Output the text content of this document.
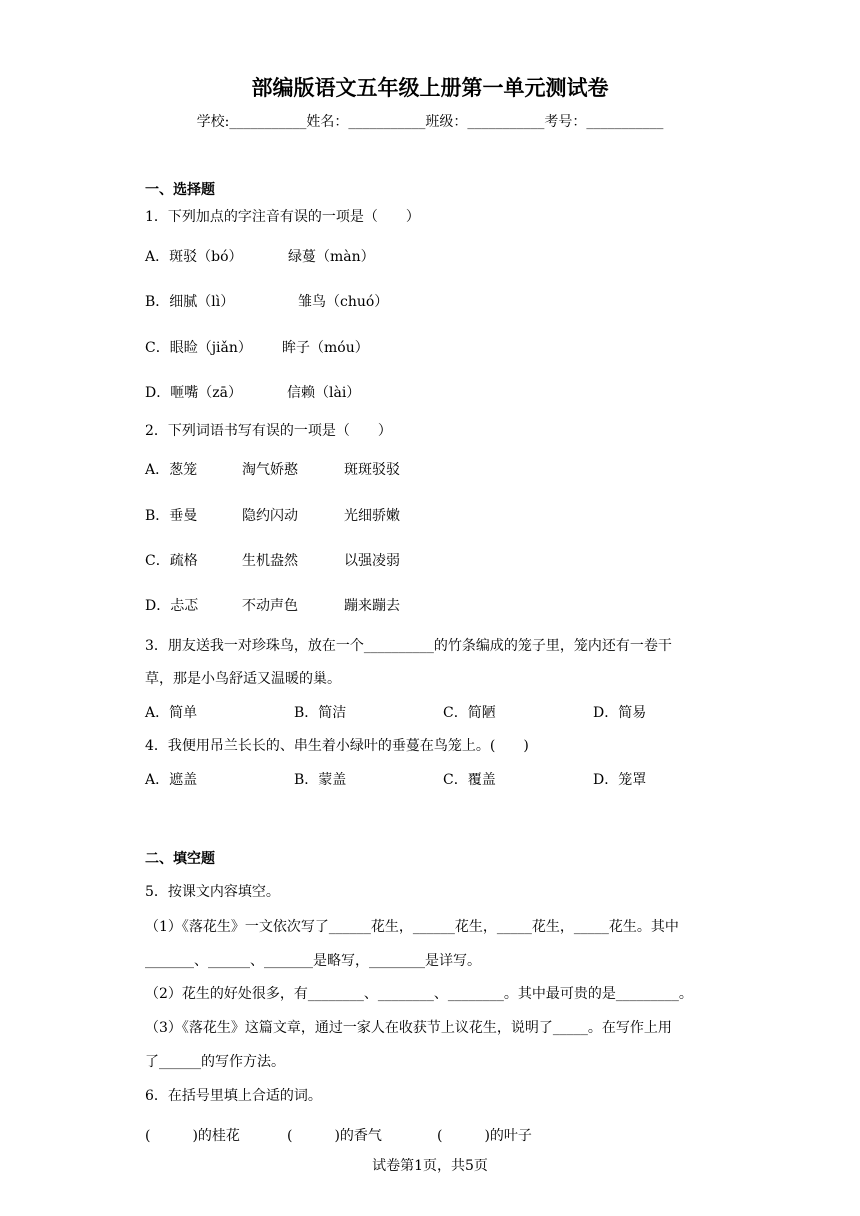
部编版语文五年级上册第一单元测试卷
学校:___________姓名：___________班级：___________考号：___________
一、选择题
1．下列加点的字注音有误的一项是（　　）
A．斑驳（bó）	绿蔓（màn）
B．细腻（lì）	雏鸟（chuó）
C．眼睑（jiǎn） 眸子（móu）
D．咂嘴（zā）	信赖（lài）
2．下列词语书写有误的一项是（　　）
A．葱笼	淘气娇憨	斑斑驳驳
B．垂曼	隐约闪动	光细骄嫩
C．疏格	生机盎然	以强凌弱
D．忐忑	不动声色	蹦来蹦去
3．朋友送我一对珍珠鸟，放在一个__________的竹条编成的笼子里，笼内还有一卷干
草，那是小鸟舒适又温暖的巢。
A．简单	B．简洁	C．简陋	D．简易
4．我便用吊兰长长的、串生着小绿叶的垂蔓在鸟笼上。(　　)
A．遮盖	B．蒙盖	C．覆盖	D．笼罩
二、填空题
5．按课文内容填空。
（1）《落花生》一文依次写了______花生，______花生，_____花生，_____花生。其中
_______、______、_______是略写，________是详写。
（2）花生的好处很多，有________、________、________。其中最可贵的是_________。
（3）《落花生》这篇文章，通过一家人在收获节上议花生，说明了_____。在写作上用
了______的写作方法。
6．在括号里填上合适的词。
(　　　)的桂花	(　　　)的香气	(　　　)的叶子
试卷第1页，共5页
